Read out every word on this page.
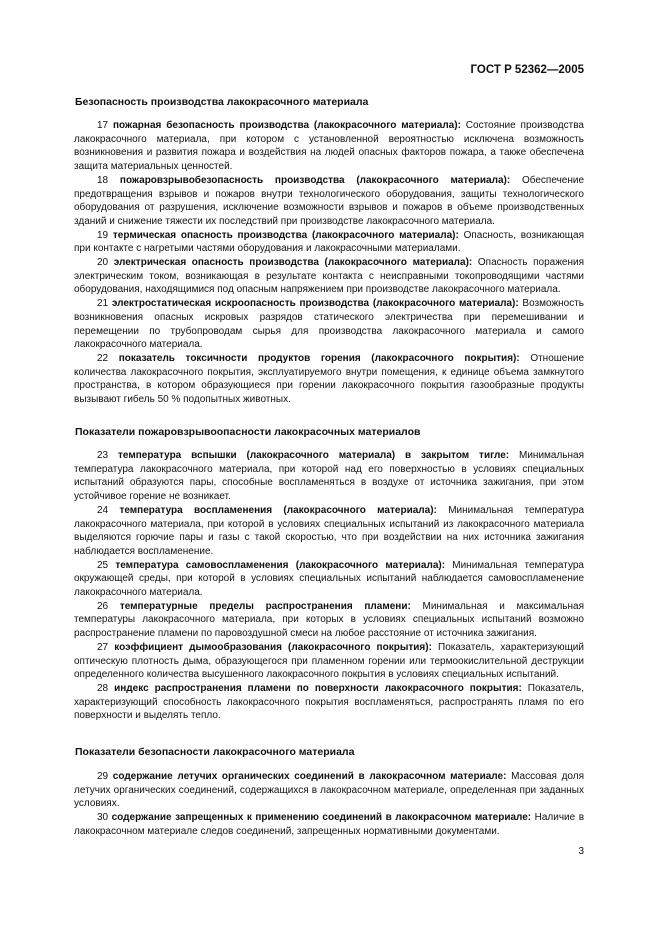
ГОСТ Р 52362—2005
Безопасность производства лакокрасочного материала

17 пожарная безопасность производства (лакокрасочного материала): Состояние производства лакокрасочного материала, при котором с установленной вероятностью исключена возможность возникновения и развития пожара и воздействия на людей опасных факторов пожара, а также обеспечена защита материальных ценностей.

18 пожаровзрывобезопасность производства (лакокрасочного материала): Обеспечение предотвращения взрывов и пожаров внутри технологического оборудования, защиты технологического оборудования от разрушения, исключение возможности взрывов и пожаров в объеме производственных зданий и снижение тяжести их последствий при производстве лакокрасочного материала.

19 термическая опасность производства (лакокрасочного материала): Опасность, возникающая при контакте с нагретыми частями оборудования и лакокрасочными материалами.

20 электрическая опасность производства (лакокрасочного материала): Опасность поражения электрическим током, возникающая в результате контакта с неисправными токопроводящими частями оборудования, находящимися под опасным напряжением при производстве лакокрасочного материала.

21 электростатическая искроопасность производства (лакокрасочного материала): Возможность возникновения опасных искровых разрядов статического электричества при перемешивании и перемещении по трубопроводам сырья для производства лакокрасочного материала и самого лакокрасочного материала.

22 показатель токсичности продуктов горения (лакокрасочного покрытия): Отношение количества лакокрасочного покрытия, эксплуатируемого внутри помещения, к единице объема замкнутого пространства, в котором образующиеся при горении лакокрасочного покрытия газообразные продукты вызывают гибель 50 % подопытных животных.

Показатели пожаровзрывоопасности лакокрасочных материалов

23 температура вспышки (лакокрасочного материала) в закрытом тигле: Минимальная температура лакокрасочного материала, при которой над его поверхностью в условиях специальных испытаний образуются пары, способные воспламеняться в воздухе от источника зажигания, при этом устойчивое горение не возникает.

24 температура воспламенения (лакокрасочного материала): Минимальная температура лакокрасочного материала, при которой в условиях специальных испытаний из лакокрасочного материала выделяются горючие пары и газы с такой скоростью, что при воздействии на них источника зажигания наблюдается воспламенение.

25 температура самовоспламенения (лакокрасочного материала): Минимальная температура окружающей среды, при которой в условиях специальных испытаний наблюдается самовоспламенение лакокрасочного материала.

26 температурные пределы распространения пламени: Минимальная и максимальная температуры лакокрасочного материала, при которых в условиях специальных испытаний возможно распространение пламени по паровоздушной смеси на любое расстояние от источника зажигания.

27 коэффициент дымообразования (лакокрасочного покрытия): Показатель, характеризующий оптическую плотность дыма, образующегося при пламенном горении или термоокислительной деструкции определенного количества высушенного лакокрасочного покрытия в условиях специальных испытаний.

28 индекс распространения пламени по поверхности лакокрасочного покрытия: Показатель, характеризующий способность лакокрасочного покрытия воспламеняться, распространять пламя по его поверхности и выделять тепло.

Показатели безопасности лакокрасочного материала

29 содержание летучих органических соединений в лакокрасочном материале: Массовая доля летучих органических соединений, содержащихся в лакокрасочном материале, определенная при заданных условиях.

30 содержание запрещенных к применению соединений в лакокрасочном материале: Наличие в лакокрасочном материале следов соединений, запрещенных нормативными документами.

3
